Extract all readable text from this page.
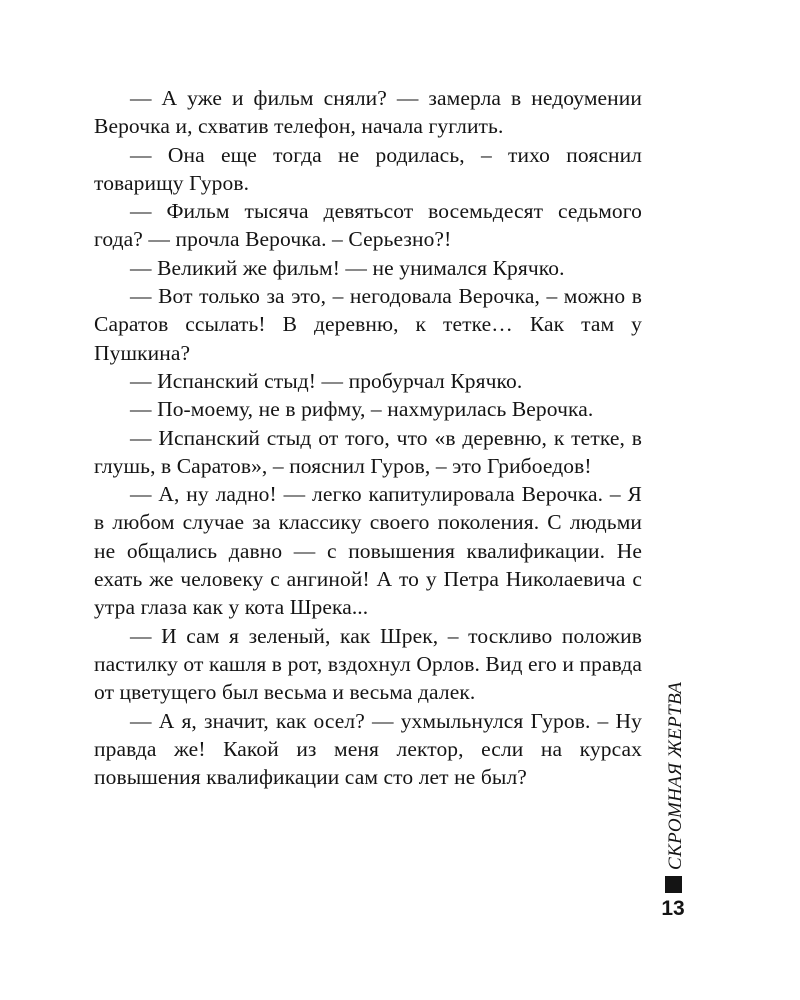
— А уже и фильм сняли? — замерла в недоумении Верочка и, схватив телефон, начала гуглить.

— Она еще тогда не родилась, – тихо пояснил товарищу Гуров.

— Фильм тысяча девятьсот восемьдесят седьмого года? — прочла Верочка. – Серьезно?!

— Великий же фильм! — не унимался Крячко.

— Вот только за это, – негодовала Верочка, – можно в Саратов ссылать! В деревню, к тетке… Как там у Пушкина?

— Испанский стыд! — пробурчал Крячко.

— По-моему, не в рифму, – нахмурилась Верочка.

— Испанский стыд от того, что «в деревню, к тетке, в глушь, в Саратов», – пояснил Гуров, – это Грибоедов!

— А, ну ладно! — легко капитулировала Верочка. – Я в любом случае за классику своего поколения. С людьми не общались давно — с повышения квалификации. Не ехать же человеку с ангиной! А то у Петра Николаевича с утра глаза как у кота Шрека...

— И сам я зеленый, как Шрек, – тоскливо положив пастилку от кашля в рот, вздохнул Орлов. Вид его и правда от цветущего был весьма и весьма далек.

— А я, значит, как осел? — ухмыльнулся Гуров. – Ну правда же! Какой из меня лектор, если на курсах повышения квалификации сам сто лет не был?	СКРОМНАЯ ЖЕРТВА
13
